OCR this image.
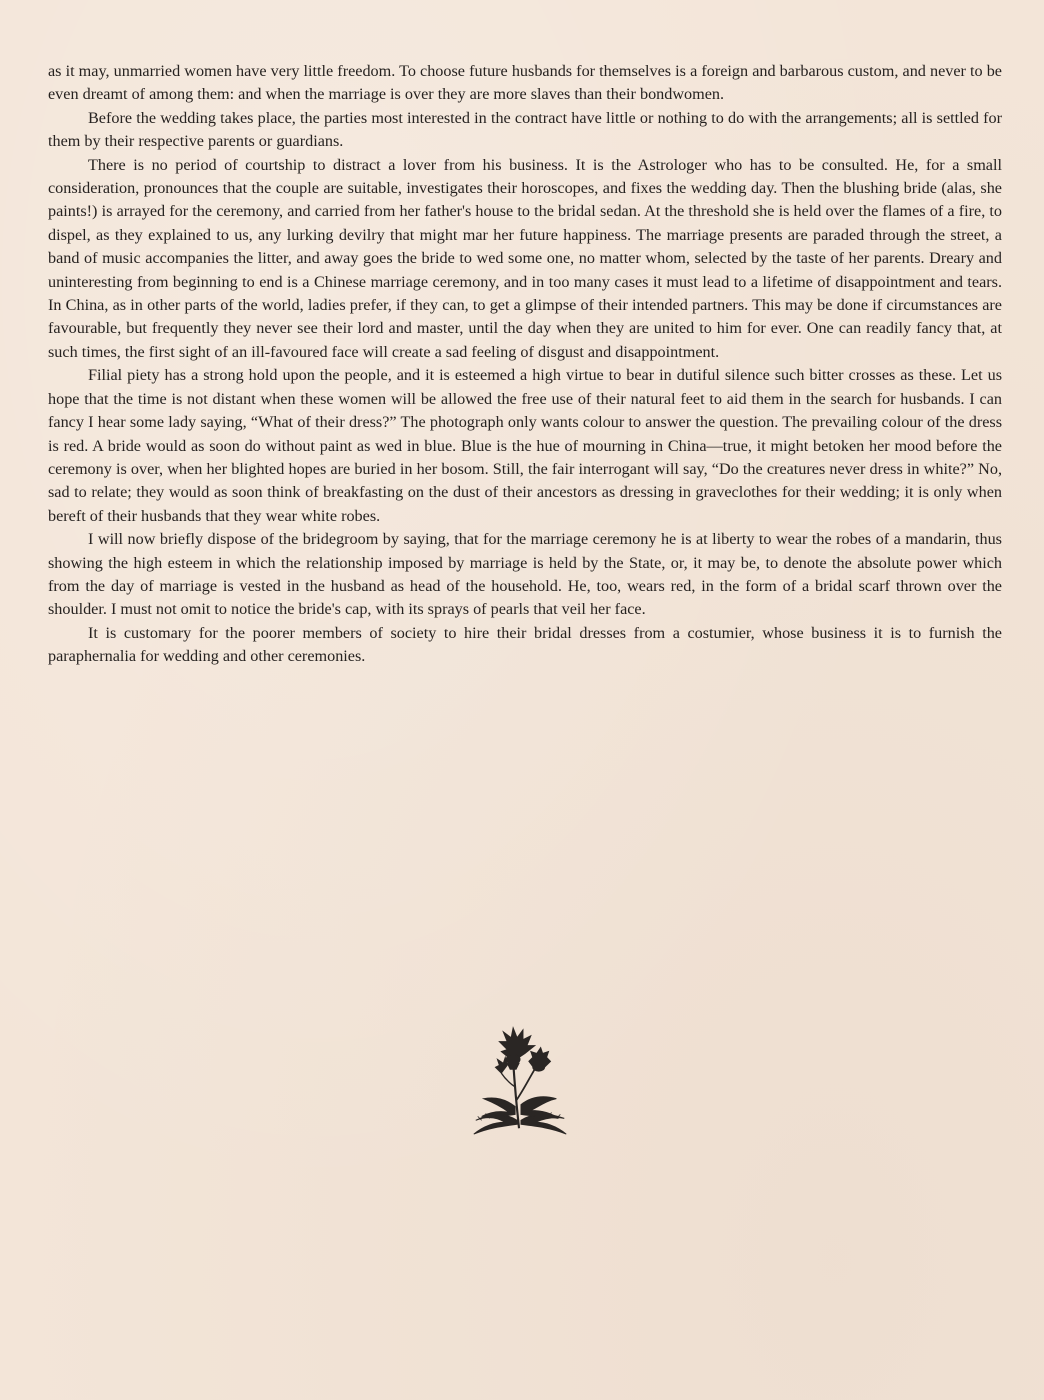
as it may, unmarried women have very little freedom. To choose future husbands for themselves is a foreign and barbarous custom, and never to be even dreamt of among them: and when the marriage is over they are more slaves than their bondwomen.

Before the wedding takes place, the parties most interested in the contract have little or nothing to do with the arrangements; all is settled for them by their respective parents or guardians.

There is no period of courtship to distract a lover from his business. It is the Astrologer who has to be consulted. He, for a small consideration, pronounces that the couple are suitable, investigates their horoscopes, and fixes the wedding day. Then the blushing bride (alas, she paints!) is arrayed for the ceremony, and carried from her father's house to the bridal sedan. At the threshold she is held over the flames of a fire, to dispel, as they explained to us, any lurking devilry that might mar her future happiness. The marriage presents are paraded through the street, a band of music accompanies the litter, and away goes the bride to wed some one, no matter whom, selected by the taste of her parents. Dreary and uninteresting from beginning to end is a Chinese marriage ceremony, and in too many cases it must lead to a lifetime of disappointment and tears. In China, as in other parts of the world, ladies prefer, if they can, to get a glimpse of their intended partners. This may be done if circumstances are favourable, but frequently they never see their lord and master, until the day when they are united to him for ever. One can readily fancy that, at such times, the first sight of an ill-favoured face will create a sad feeling of disgust and disappointment.

Filial piety has a strong hold upon the people, and it is esteemed a high virtue to bear in dutiful silence such bitter crosses as these. Let us hope that the time is not distant when these women will be allowed the free use of their natural feet to aid them in the search for husbands. I can fancy I hear some lady saying, “What of their dress?” The photograph only wants colour to answer the question. The prevailing colour of the dress is red. A bride would as soon do without paint as wed in blue. Blue is the hue of mourning in China—true, it might betoken her mood before the ceremony is over, when her blighted hopes are buried in her bosom. Still, the fair interrogant will say, “Do the creatures never dress in white?” No, sad to relate; they would as soon think of breakfasting on the dust of their ancestors as dressing in graveclothes for their wedding; it is only when bereft of their husbands that they wear white robes.

I will now briefly dispose of the bridegroom by saying, that for the marriage ceremony he is at liberty to wear the robes of a mandarin, thus showing the high esteem in which the relationship imposed by marriage is held by the State, or, it may be, to denote the absolute power which from the day of marriage is vested in the husband as head of the household. He, too, wears red, in the form of a bridal scarf thrown over the shoulder. I must not omit to notice the bride's cap, with its sprays of pearls that veil her face.

It is customary for the poorer members of society to hire their bridal dresses from a costumier, whose business it is to furnish the paraphernalia for wedding and other ceremonies.
